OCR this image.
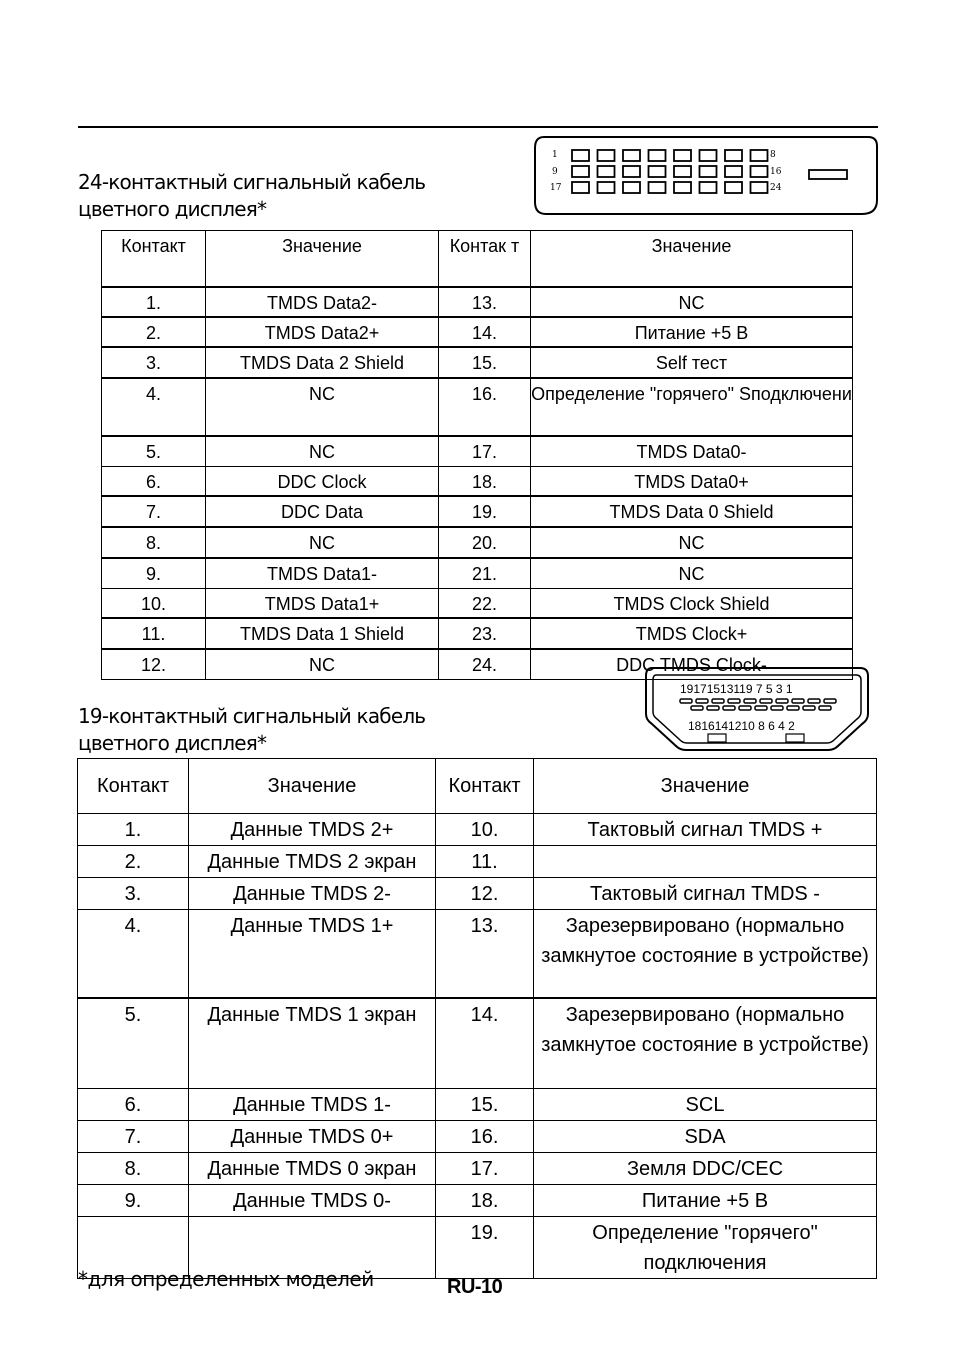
24-контактный сигнальный кабель
цветного дисплея*
1
9
17
8
16
24
Контакт	Значение	Контак т	Значение
1.	TMDS Data2-	13.	NC
2.	TMDS Data2+	14.	Питание +5 В
3.	TMDS Data 2 Shield	15.	Self тест
4.	NC	16.	Определение "горячего" Sподключени
5.	NC	17.	TMDS Data0-
6.	DDC Clock	18.	TMDS Data0+
7.	DDC Data	19.	TMDS Data 0 Shield
8.	NC	20.	NC
9.	TMDS Data1-	21.	NC
10.	TMDS Data1+	22.	TMDS Clock Shield
11.	TMDS Data 1 Shield	23.	TMDS Clock+
12.	NC	24.	DDC TMDS Clock-
19-контактный сигнальный кабель
цветного дисплея*
19171513119 7 5 3 1
1816141210 8 6 4 2
Контакт	Значение	Контакт	Значение
1.	Данные TMDS 2+	10.	Тактовый сигнал TMDS +
2.	Данные TMDS 2 экран	11.	
3.	Данные TMDS 2-	12.	Тактовый сигнал TMDS -
4.	Данные TMDS 1+	13.	Зарезервировано (нормально замкнутое состояние в устройстве)
5.	Данные TMDS 1 экран	14.	Зарезервировано (нормально замкнутое состояние в устройстве)
6.	Данные TMDS 1-	15.	SCL
7.	Данные TMDS 0+	16.	SDA
8.	Данные TMDS 0 экран	17.	Земля DDC/CEC
9.	Данные TMDS 0-	18.	Питание +5 В
		19.	Определение "горячего" подключения
*для определенных моделей	RU-10
